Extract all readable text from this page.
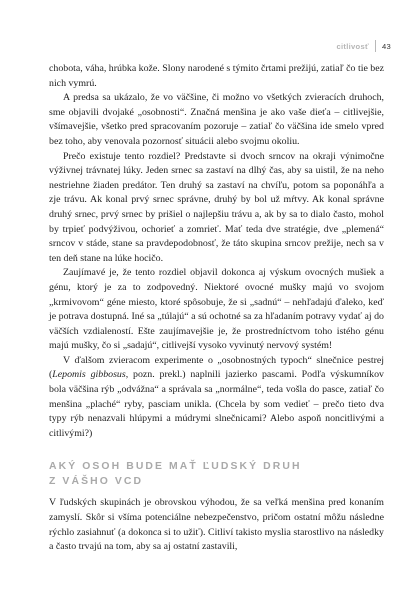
citlivosť 43

chobota, váha, hrúbka kože. Slony narodené s týmito črtami prežijú, zatiaľ čo tie bez nich vymrú.

A predsa sa ukázalo, že vo väčšine, či možno vo všetkých zvieracích druhoch, sme objavili dvojaké „osobnosti“. Značná menšina je ako vaše dieťa – citlivejšie, všímavejšie, všetko pred spracovaním pozoruje – zatiaľ čo väčšina ide smelo vpred bez toho, aby venovala pozornosť situácii alebo svojmu okoliu.

Prečo existuje tento rozdiel? Predstavte si dvoch srncov na okraji výnimočne výživnej trávnatej lúky. Jeden srnec sa zastaví na dlhý čas, aby sa uistil, že na neho nestriehne žiaden predátor. Ten druhý sa zastaví na chvíľu, potom sa poponáhľa a zje trávu. Ak konal prvý srnec správne, druhý by bol už mŕtvy. Ak konal správne druhý srnec, prvý srnec by prišiel o najlepšiu trávu a, ak by sa to dialo často, mohol by trpieť podvýživou, ochorieť a zomrieť. Mať teda dve stratégie, dve „plemená“ srncov v stáde, stane sa pravdepodobnosť, že táto skupina srncov prežije, nech sa v ten deň stane na lúke hocičo.

Zaujímavé je, že tento rozdiel objavil dokonca aj výskum ovocných mušiek a génu, ktorý je za to zodpovedný. Niektoré ovocné mušky majú vo svojom „krmivovom“ géne miesto, ktoré spôsobuje, že si „sadnú“ – nehľadajú ďaleko, keď je potrava dostupná. Iné sa „túlajú“ a sú ochotné sa za hľadaním potravy vydať aj do väčších vzdialeností. Ešte zaujímavejšie je, že prostredníctvom toho istého génu majú mušky, čo si „sadajú“, citlivejší vysoko vyvinutý nervový systém!

V ďalšom zvieracom experimente o „osobnostných typoch“ slnečnice pestrej (Lepomis gibbosus, pozn. prekl.) naplnili jazierko pascami. Podľa výskumníkov bola väčšina rýb „odvážna“ a správala sa „normálne“, teda vošla do pasce, zatiaľ čo menšina „plaché“ ryby, pasciam unikla. (Chcela by som vedieť – prečo tieto dva typy rýb nenazvali hlúpymi a múdrymi slnečnicami? Alebo aspoň noncitlivými a citlivými?)

AKÝ OSOH BUDE MAŤ ĽUDSKÝ DRUH
Z VÁŠHO VCD

V ľudských skupinách je obrovskou výhodou, že sa veľká menšina pred konaním zamyslí. Skôr si všíma potenciálne nebezpečenstvo, pričom ostatní môžu následne rýchlo zasiahnuť (a dokonca si to užiť). Citliví takisto myslia starostlivo na následky a často trvajú na tom, aby sa aj ostatní zastavili,
